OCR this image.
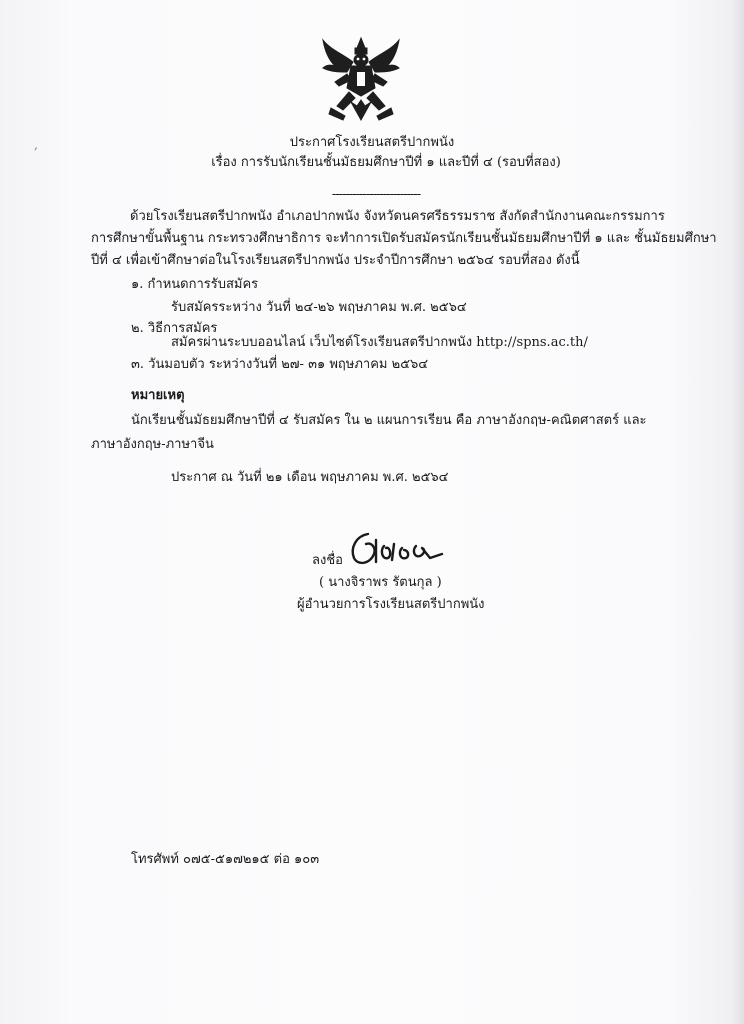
,	ประกาศโรงเรียนสตรีปากพนัง
เรื่อง การรับนักเรียนชั้นมัธยมศึกษาปีที่ ๑ และปีที่ ๔ (รอบที่สอง)
--------------------------
ด้วยโรงเรียนสตรีปากพนัง อำเภอปากพนัง จังหวัดนครศรีธรรมราช สังกัดสำนักงานคณะกรรมการ
การศึกษาขั้นพื้นฐาน กระทรวงศึกษาธิการ จะทำการเปิดรับสมัครนักเรียนชั้นมัธยมศึกษาปีที่ ๑ และ ชั้นมัธยมศึกษา
ปีที่ ๔ เพื่อเข้าศึกษาต่อในโรงเรียนสตรีปากพนัง ประจำปีการศึกษา ๒๕๖๔ รอบที่สอง ดังนี้
๑. กำหนดการรับสมัคร
รับสมัครระหว่าง วันที่ ๒๔-๒๖ พฤษภาคม พ.ศ. ๒๕๖๔
๒. วิธีการสมัคร
สมัครผ่านระบบออนไลน์ เว็บไซต์โรงเรียนสตรีปากพนัง http://spns.ac.th/
๓. วันมอบตัว ระหว่างวันที่ ๒๗- ๓๑ พฤษภาคม ๒๕๖๔
หมายเหตุ
นักเรียนชั้นมัธยมศึกษาปีที่ ๔ รับสมัคร ใน ๒ แผนการเรียน คือ ภาษาอังกฤษ-คณิตศาสตร์ และ
ภาษาอังกฤษ-ภาษาจีน
ประกาศ ณ วันที่ ๒๑ เดือน พฤษภาคม พ.ศ. ๒๕๖๔
ลงชื่อ
( นางจิราพร รัตนกุล )
ผู้อำนวยการโรงเรียนสตรีปากพนัง
โทรศัพท์ ๐๗๕-๕๑๗๒๑๕ ต่อ ๑๐๓
